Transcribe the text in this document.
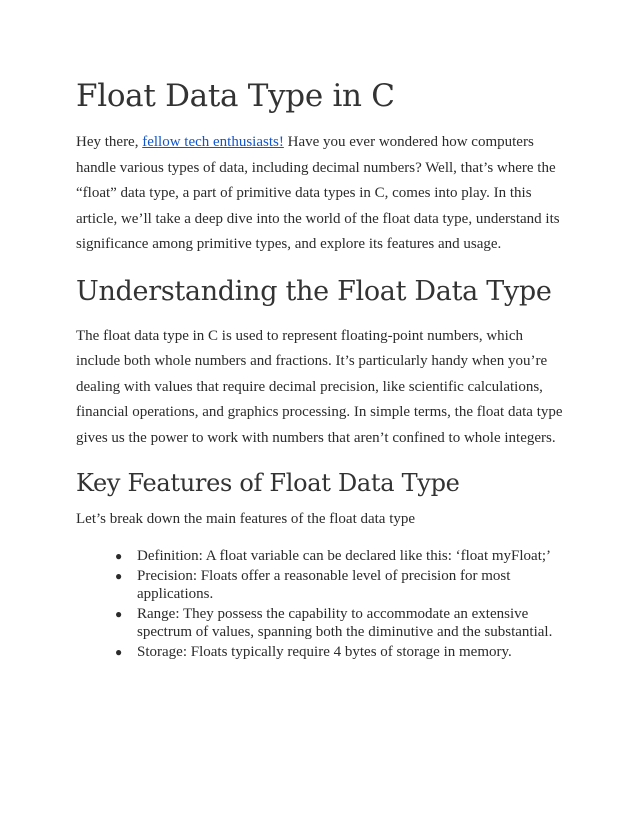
Float Data Type in C

Hey there, fellow tech enthusiasts! Have you ever wondered how computers handle various types of data, including decimal numbers? Well, that’s where the “float” data type, a part of primitive data types in C, comes into play. In this article, we’ll take a deep dive into the world of the float data type, understand its significance among primitive types, and explore its features and usage.

Understanding the Float Data Type

The float data type in C is used to represent floating-point numbers, which include both whole numbers and fractions. It’s particularly handy when you’re dealing with values that require decimal precision, like scientific calculations, financial operations, and graphics processing. In simple terms, the float data type gives us the power to work with numbers that aren’t confined to whole integers.

Key Features of Float Data Type

Let’s break down the main features of the float data type

● Definition: A float variable can be declared like this: ‘float myFloat;’
● Precision: Floats offer a reasonable level of precision for most applications.
● Range: They possess the capability to accommodate an extensive spectrum of values, spanning both the diminutive and the substantial.
● Storage: Floats typically require 4 bytes of storage in memory.
